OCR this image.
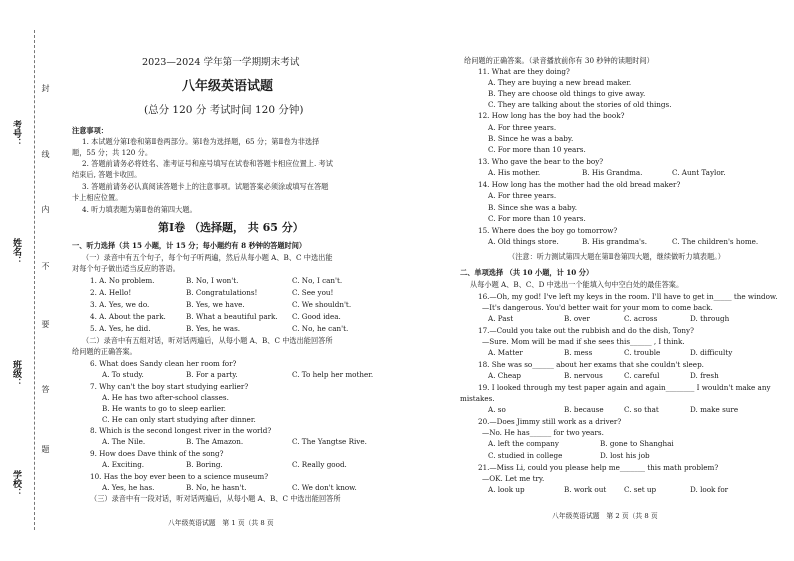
考号：
姓名：
班级：
学校：
封
线
内
不
要
答
题
2023—2024 学年第一学期期末考试
八年级英语试题
(总分 120 分 考试时间 120 分钟)
注意事项：
1. 本试题分第Ⅰ卷和第Ⅱ卷两部分。第Ⅰ卷为选择题，65 分；第Ⅱ卷为非选择
题，55 分；共 120 分。
2. 答题前请务必将姓名、准考证号和座号填写在试卷和答题卡相应位置上. 考试
结束后, 答题卡收回。
3. 答题前请务必认真阅读答题卡上的注意事项。试题答案必须涂或填写在答题
卡上相应位置。
4. 听力填表题为第Ⅱ卷的第四大题。
第Ⅰ卷 （选择题， 共 65 分）
一、听力选择（共 15 小题，计 15 分；每小题约有 8 秒钟的答题时间）
（一）录音中有五个句子，每个句子听两遍，然后从每小题 A、B、C 中选出能
对每个句子做出适当反应的答语。
1. A. No problem.	B. No, I won't.	C. No, I can't.
2. A. Hello!	B. Congratulations!	C. See you!
3. A. Yes, we do.	B. Yes, we have.	C. We shouldn't.
4. A. About the park.	B. What a beautiful park. C. Good idea.
5. A. Yes, he did.	B. Yes, he was.	C. No, he can't.
（二）录音中有五组对话，听对话两遍后，从每小题 A、B、C 中选出能回答所
给问题的正确答案。
6. What does Sandy clean her room for?
A. To study.	B. For a party.	C. To help her mother.
7. Why can't the boy start studying earlier?
A. He has two after-school classes.
B. He wants to go to sleep earlier.
C. He can only start studying after dinner.
8. Which is the second longest river in the world?
A. The Nile.	B. The Amazon.	C. The Yangtse Rive.
9. How does Dave think of the song?
A. Exciting.	B. Boring.	C. Really good.
10. Has the boy ever been to a science museum?
A. Yes, he has.	B. No, he hasn't.	C. We don't know.
（三）录音中有一段对话，听对话两遍后，从每小题 A、B、C 中选出能回答所
八年级英语试题　第 1 页（共 8 页
给问题的正确答案。（录音播放前你有 30 秒钟的读题时间）
11. What are they doing?
A. They are buying a new bread maker.
B. They are choose old things to give away.
C. They are talking about the stories of old things.
12. How long has the boy had the book?
A. For three years.
B. Since he was a baby.
C. For more than 10 years.
13. Who gave the bear to the boy?
A. His mother.	B. His Grandma.	C. Aunt Taylor.
14. How long has the mother had the old bread maker?
A. For three years.
B. Since she was a baby.
C. For more than 10 years.
15. Where does the boy go tomorrow?
A. Old things store.	B. His grandma's.	C. The children's home.
（注意：听力测试第四大题在第Ⅱ卷第四大题，继续做听力填表题。）
二、单项选择 （共 10 小题，计 10 分）
从每小题 A、B、C、D 中选出一个能填入句中空白处的最佳答案。
16.—Oh, my god! I've left my keys in the room. I'll have to get in_____ the window.
—It's dangerous. You'd better wait for your mom to come back.
A. Past	B. over	C. across	D. through
17.—Could you take out the rubbish and do the dish, Tony?
—Sure. Mom will be mad if she sees this______ , I think.
A. Matter	B. mess	C. trouble	D. difficulty
18. She was so______ about her exams that she couldn't sleep.
A. Cheap	B. nervous	C. careful	D. fresh
19. I looked through my test paper again and again________ I wouldn't make any
mistakes.
A. so	B. because	C. so that	D. make sure
20.—Does Jimmy still work as a driver?
—No. He has______ for two years.
A. left the company	B. gone to Shanghai
C. studied in college	D. lost his job
21.—Miss Li, could you please help me_______ this math problem?
—OK. Let me try.
A. look up	B. work out C. set up	D. look for
八年级英语试题　第 2 页（共 8 页
